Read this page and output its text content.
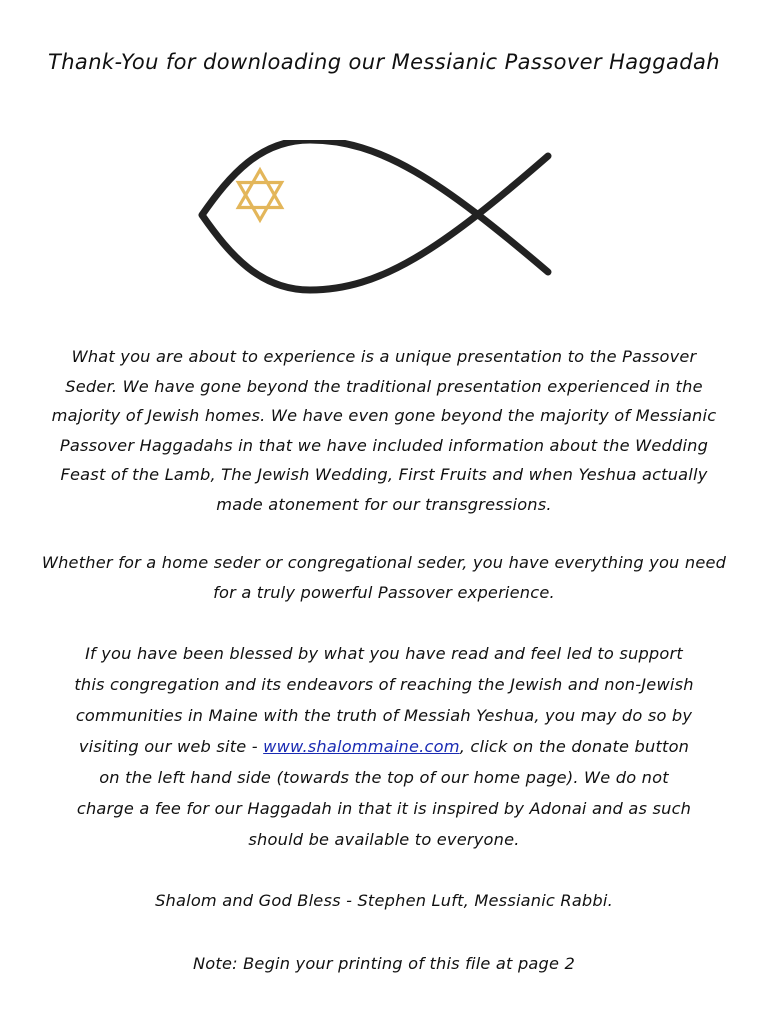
Thank-You for downloading our Messianic Passover Haggadah
What you are about to experience is a unique presentation to the Passover
Seder. We have gone beyond the traditional presentation experienced in the
majority of Jewish homes. We have even gone beyond the majority of Messianic
Passover Haggadahs in that we have included information about the Wedding
Feast of the Lamb, The Jewish Wedding, First Fruits and when Yeshua actually
made atonement for our transgressions.
Whether for a home seder or congregational seder, you have everything you need
for a truly powerful Passover experience.
If you have been blessed by what you have read and feel led to support
this congregation and its endeavors of reaching the Jewish and non-Jewish
communities in Maine with the truth of Messiah Yeshua, you may do so by
visiting our web site - www.shalommaine.com, click on the donate button
on the left hand side (towards the top of our home page). We do not
charge a fee for our Haggadah in that it is inspired by Adonai and as such
should be available to everyone.
Shalom and God Bless - Stephen Luft, Messianic Rabbi.
Note: Begin your printing of this file at page 2
